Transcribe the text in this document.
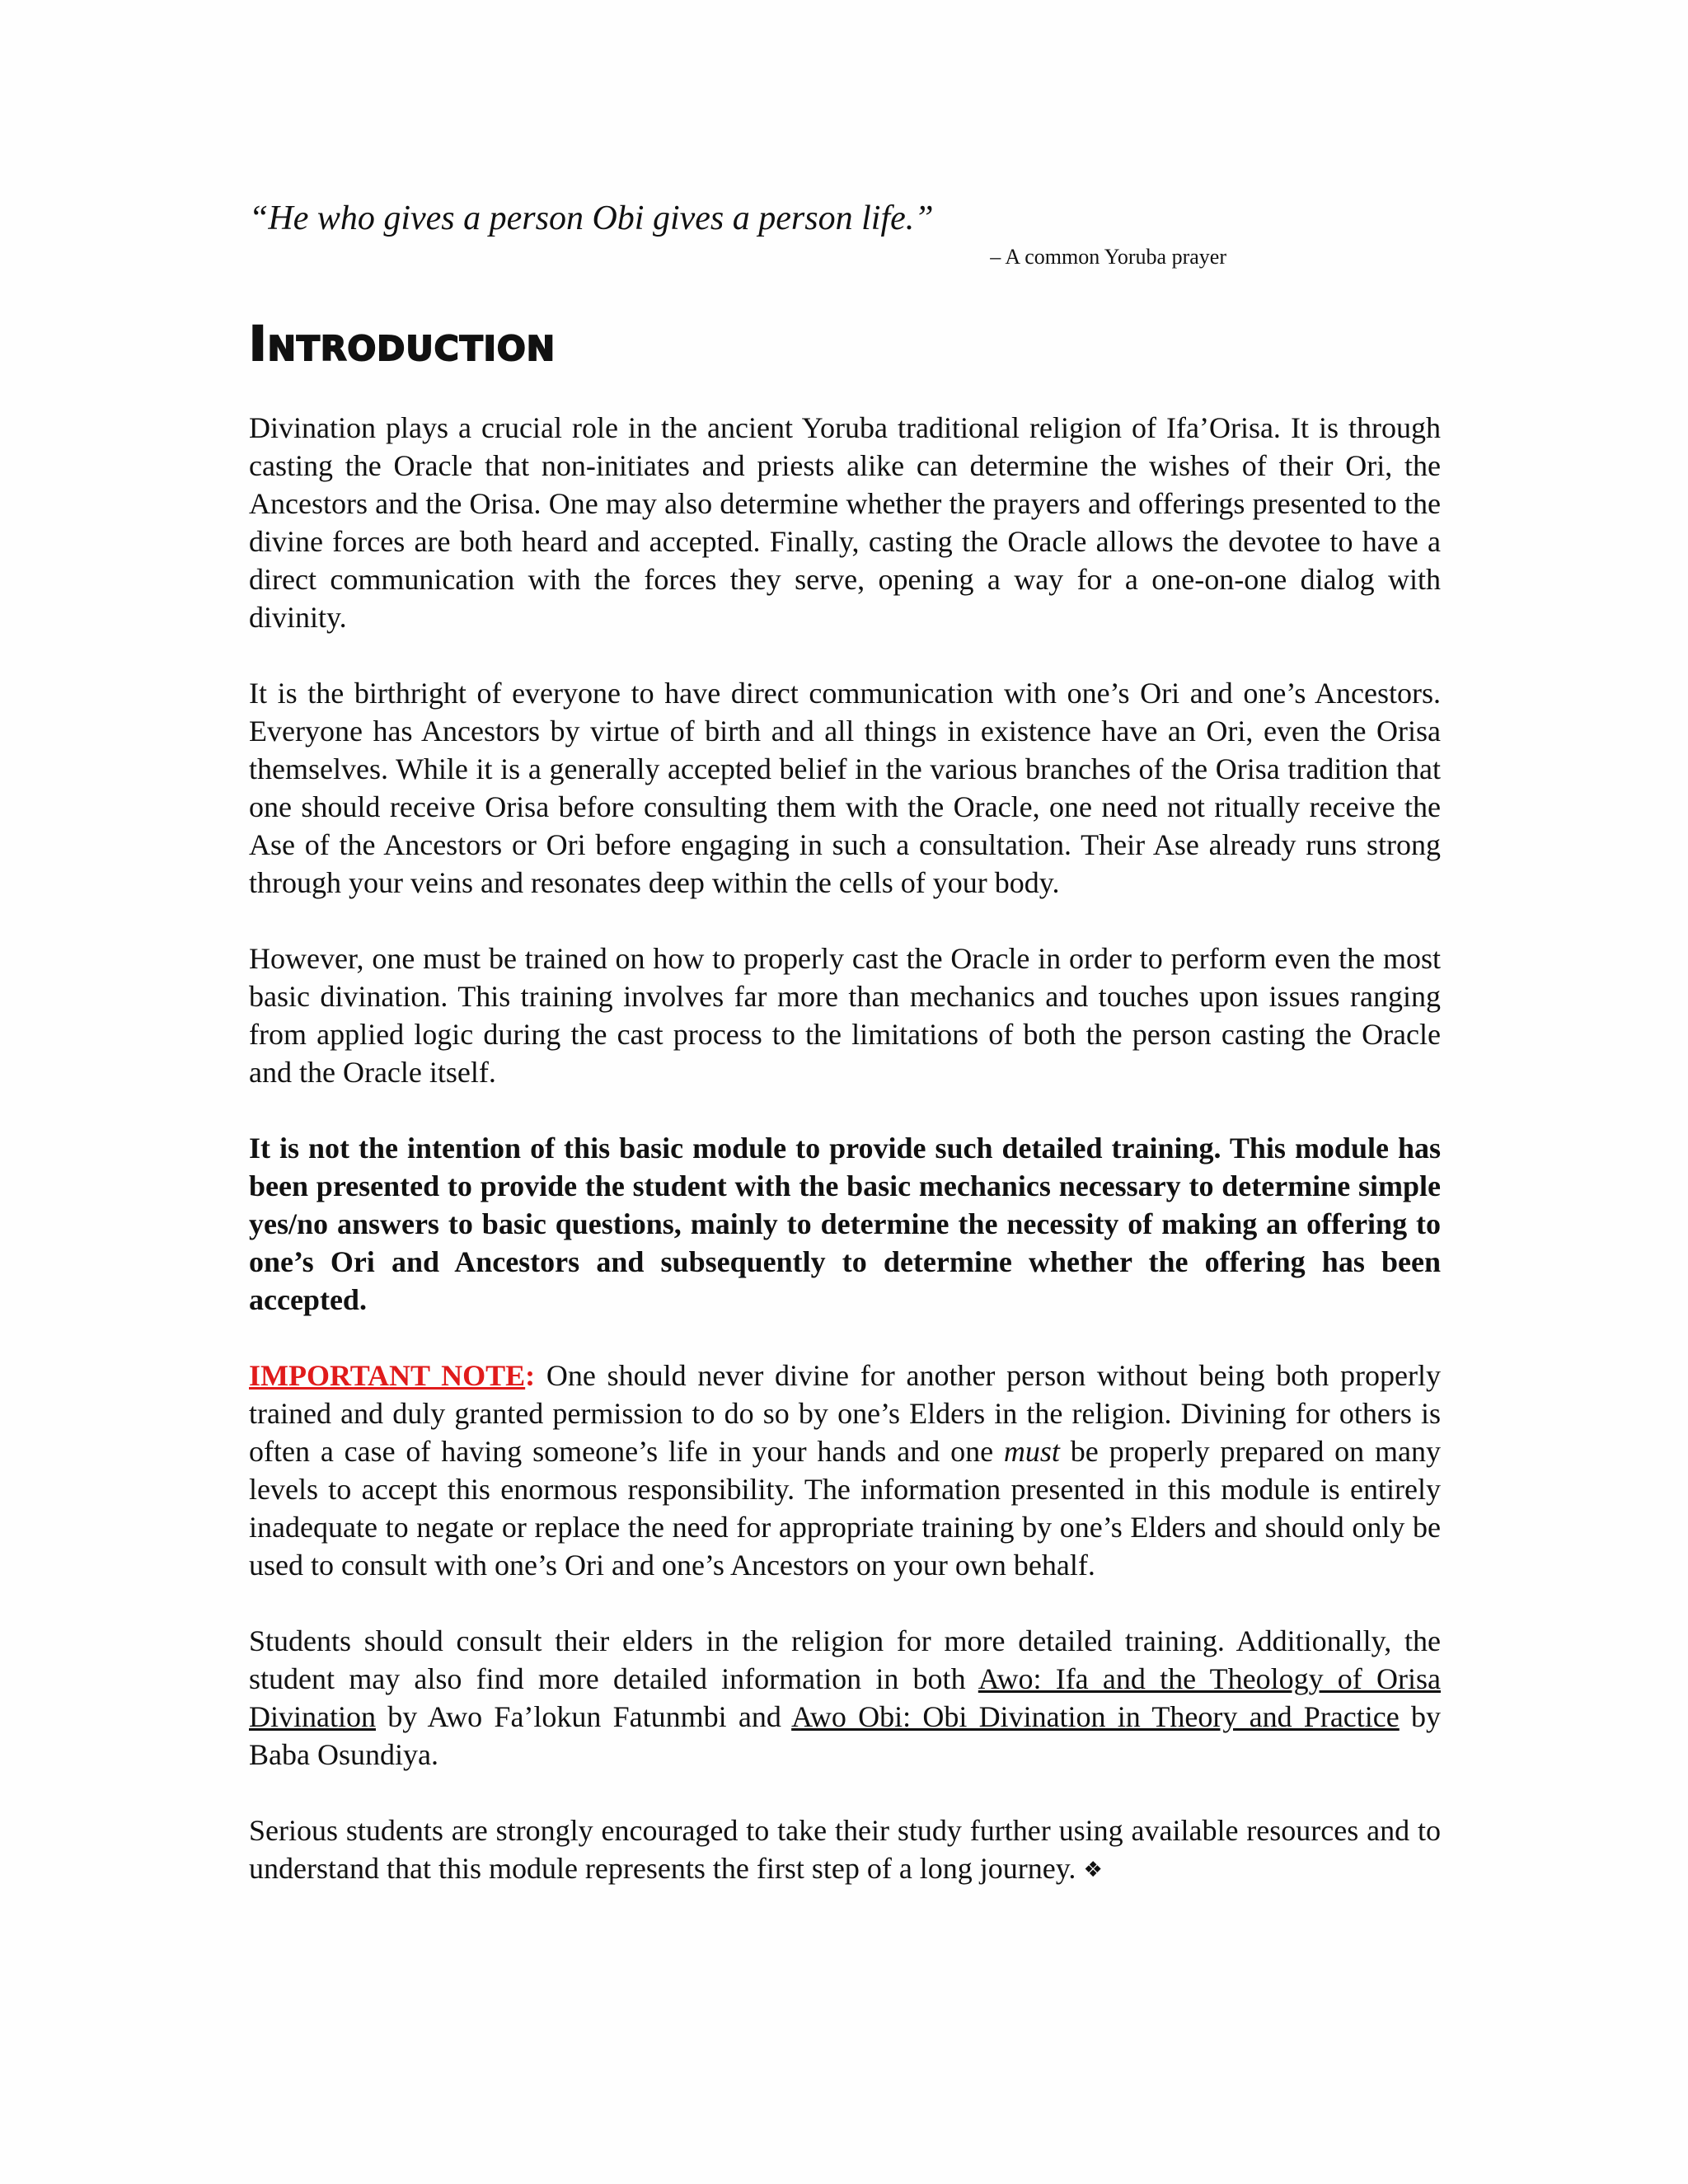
“He who gives a person Obi gives a person life.”
– A common Yoruba prayer
Introduction

Divination plays a crucial role in the ancient Yoruba traditional religion of Ifa’Orisa. It is through casting the Oracle that non-initiates and priests alike can determine the wishes of their Ori, the Ancestors and the Orisa. One may also determine whether the prayers and offerings presented to the divine forces are both heard and accepted. Finally, casting the Oracle allows the devotee to have a direct communication with the forces they serve, opening a way for a one-on-one dialog with divinity.

It is the birthright of everyone to have direct communication with one’s Ori and one’s Ancestors. Everyone has Ancestors by virtue of birth and all things in existence have an Ori, even the Orisa themselves. While it is a generally accepted belief in the various branches of the Orisa tradition that one should receive Orisa before consulting them with the Oracle, one need not ritually receive the Ase of the Ancestors or Ori before engaging in such a consultation. Their Ase already runs strong through your veins and resonates deep within the cells of your body.

However, one must be trained on how to properly cast the Oracle in order to perform even the most basic divination. This training involves far more than mechanics and touches upon issues ranging from applied logic during the cast process to the limitations of both the person casting the Oracle and the Oracle itself.

It is not the intention of this basic module to provide such detailed training. This module has been presented to provide the student with the basic mechanics necessary to determine simple yes/no answers to basic questions, mainly to determine the necessity of making an offering to one’s Ori and Ancestors and subsequently to determine whether the offering has been accepted.

IMPORTANT NOTE: One should never divine for another person without being both properly trained and duly granted permission to do so by one’s Elders in the religion. Divining for others is often a case of having someone’s life in your hands and one must be properly prepared on many levels to accept this enormous responsibility. The information presented in this module is entirely inadequate to negate or replace the need for appropriate training by one’s Elders and should only be used to consult with one’s Ori and one’s Ancestors on your own behalf.

Students should consult their elders in the religion for more detailed training. Additionally, the student may also find more detailed information in both Awo: Ifa and the Theology of Orisa Divination by Awo Fa’lokun Fatunmbi and Awo Obi: Obi Divination in Theory and Practice by Baba Osundiya.

Serious students are strongly encouraged to take their study further using available resources and to understand that this module represents the first step of a long journey. ❖
